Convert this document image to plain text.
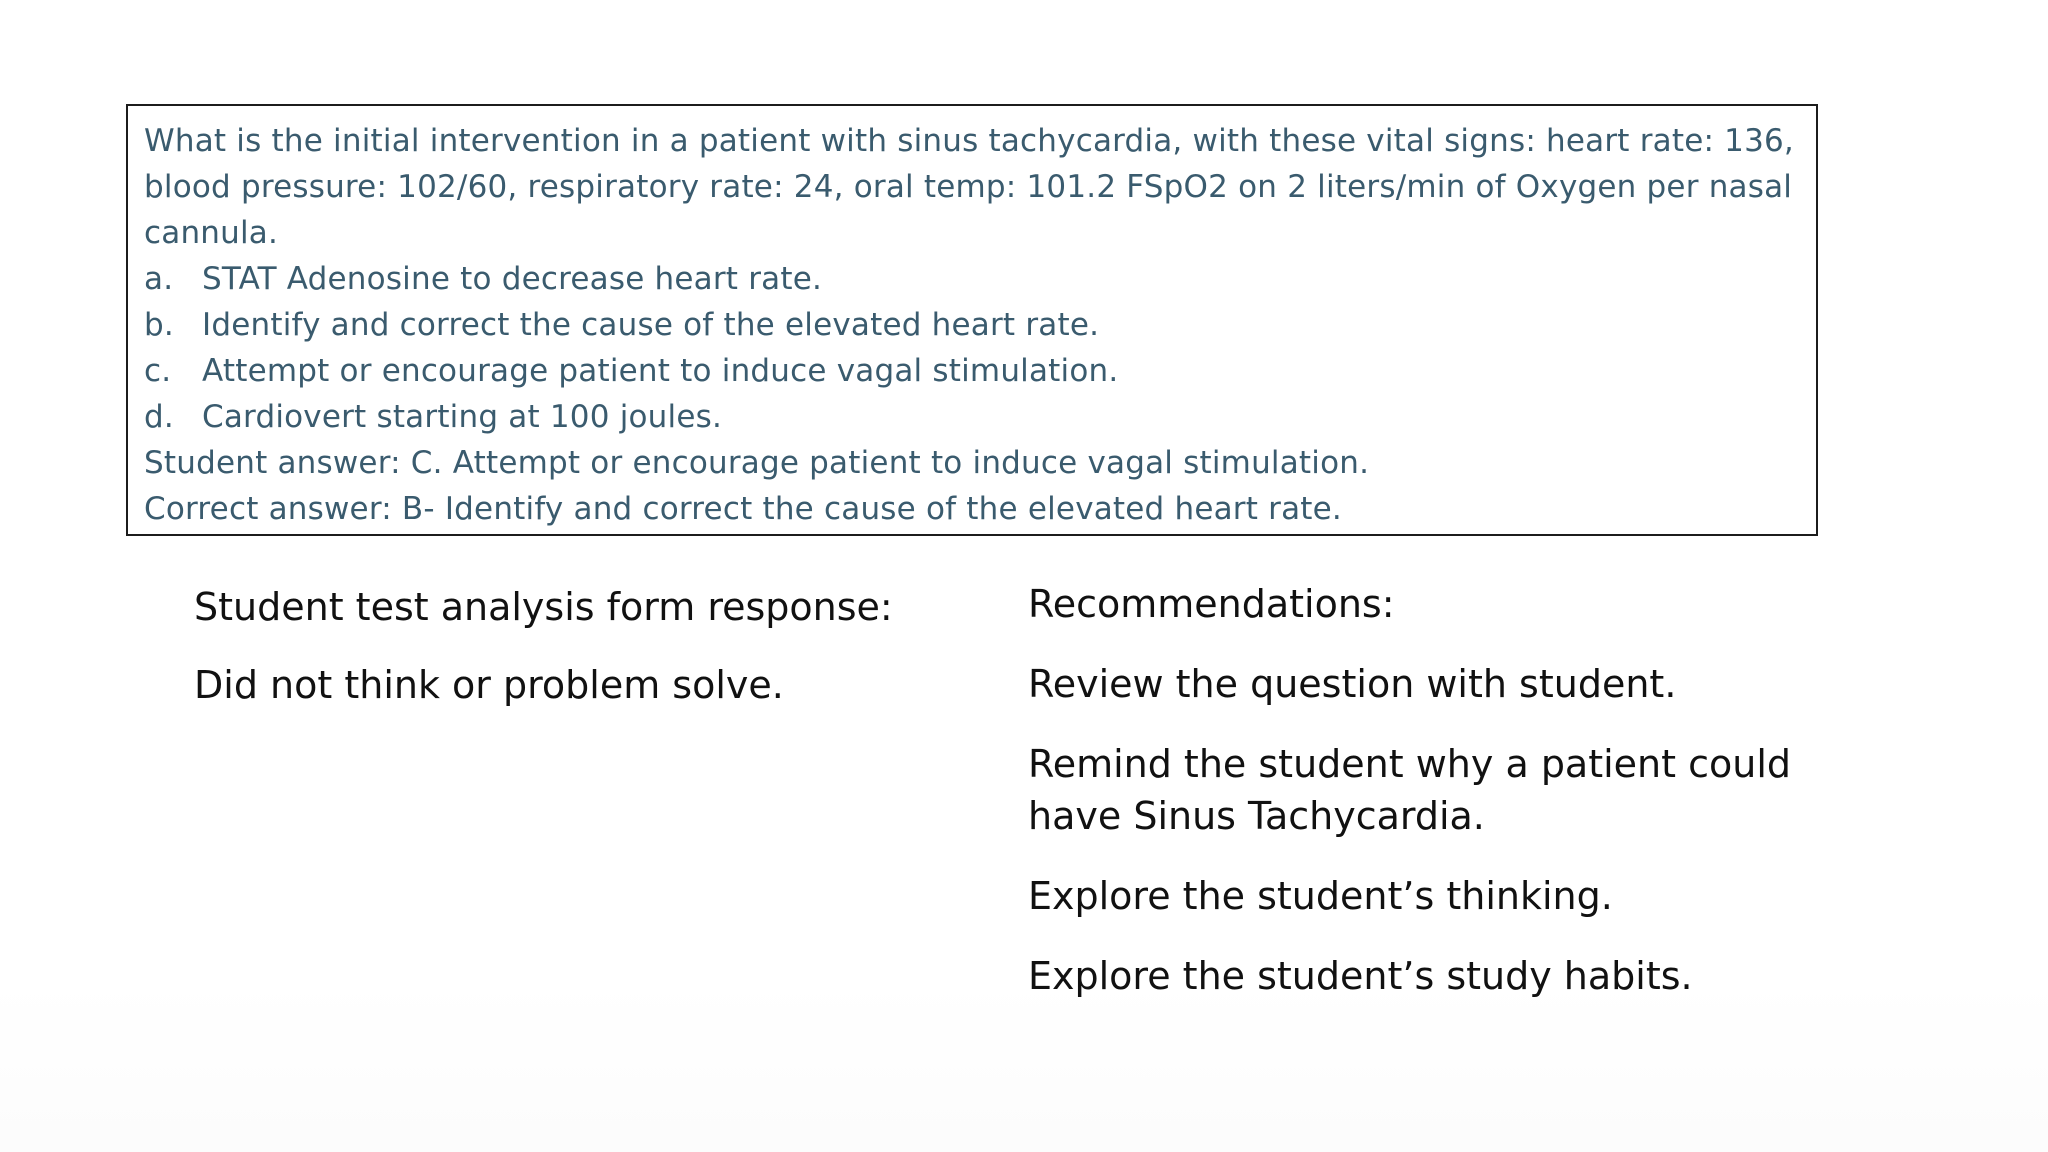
What is the initial intervention in a patient with sinus tachycardia, with these vital signs: heart rate: 136, blood pressure: 102/60, respiratory rate: 24, oral temp: 101.2 FSpO2 on 2 liters/min of Oxygen per nasal cannula.

a. STAT Adenosine to decrease heart rate.
b. Identify and correct the cause of the elevated heart rate.
c. Attempt or encourage patient to induce vagal stimulation.
d. Cardiovert starting at 100 joules.

Student answer: C. Attempt or encourage patient to induce vagal stimulation.

Correct answer: B- Identify and correct the cause of the elevated heart rate.

Student test analysis form response:

Did not think or problem solve.

Recommendations:

Review the question with student.

Remind the student why a patient could have Sinus Tachycardia.

Explore the student’s thinking.

Explore the student’s study habits.
